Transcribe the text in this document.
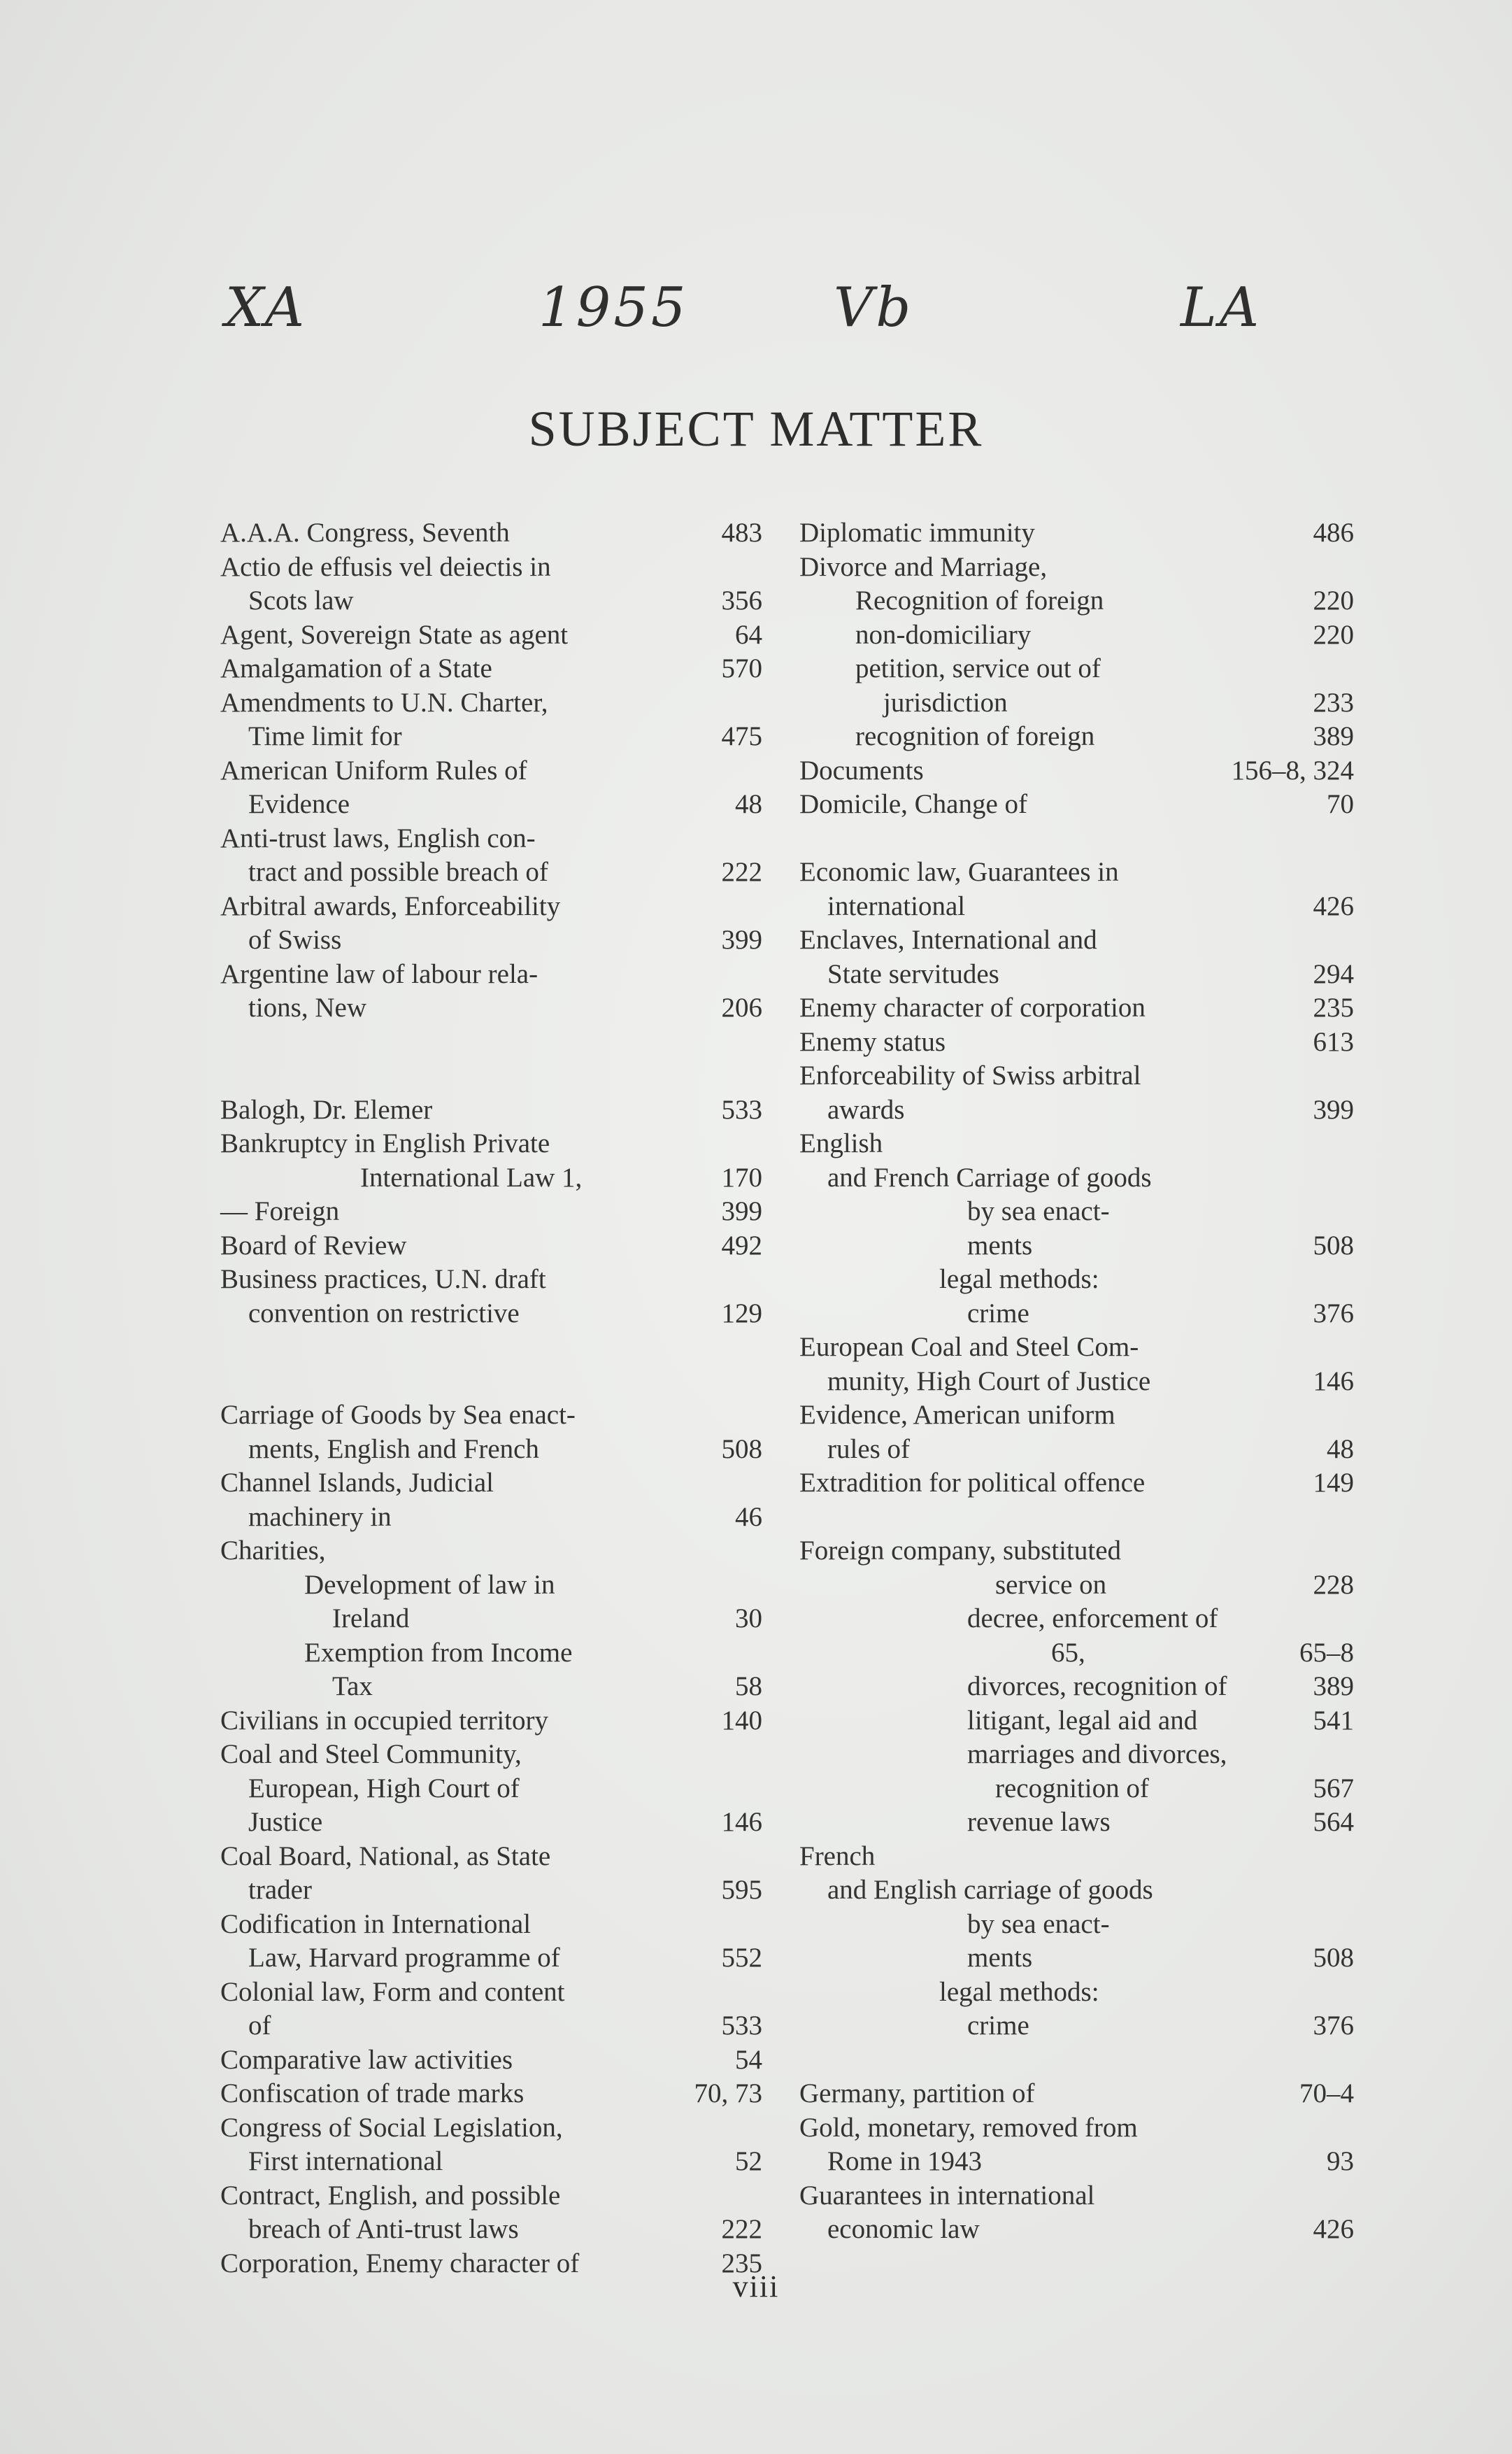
XA	1955	Vb	LA
SUBJECT MATTER
A.A.A. Congress, Seventh	483
Actio de effusis vel deiectis in
Scots law	356
Agent, Sovereign State as agent	64
Amalgamation of a State	570
Amendments to U.N. Charter,
Time limit for	475
American Uniform Rules of
Evidence	48
Anti-trust laws, English con-
tract and possible breach of	222
Arbitral awards, Enforceability
of Swiss	399
Argentine law of labour rela-
tions, New	206
Balogh, Dr. Elemer	533
Bankruptcy in English Private
International Law 1,	170
— Foreign	399
Board of Review	492
Business practices, U.N. draft
convention on restrictive	129
Carriage of Goods by Sea enact-
ments, English and French	508
Channel Islands, Judicial
machinery in	46
Charities,
Development of law in
Ireland	30
Exemption from Income
Tax	58
Civilians in occupied territory	140
Coal and Steel Community,
European, High Court of
Justice	146
Coal Board, National, as State
trader	595
Codification in International
Law, Harvard programme of	552
Colonial law, Form and content
of	533
Comparative law activities	54
Confiscation of trade marks	70, 73
Congress of Social Legislation,
First international	52
Contract, English, and possible
breach of Anti-trust laws	222
Corporation, Enemy character of	235
Diplomatic immunity	486
Divorce and Marriage,
Recognition of foreign	220
non-domiciliary	220
petition, service out of
jurisdiction	233
recognition of foreign	389
Documents	156–8, 324
Domicile, Change of	70
Economic law, Guarantees in
international	426
Enclaves, International and
State servitudes	294
Enemy character of corporation	235
Enemy status	613
Enforceability of Swiss arbitral
awards	399
English
and French Carriage of goods
by sea enact-
ments	508
legal methods:
crime	376
European Coal and Steel Com-
munity, High Court of Justice	146
Evidence, American uniform
rules of	48
Extradition for political offence	149
Foreign company, substituted
service on	228
decree, enforcement of
65,	65–8
divorces, recognition of	389
litigant, legal aid and	541
marriages and divorces,
recognition of	567
revenue laws	564
French
and English carriage of goods
by sea enact-
ments	508
legal methods:
crime	376
Germany, partition of	70–4
Gold, monetary, removed from
Rome in 1943	93
Guarantees in international
economic law	426
viii
